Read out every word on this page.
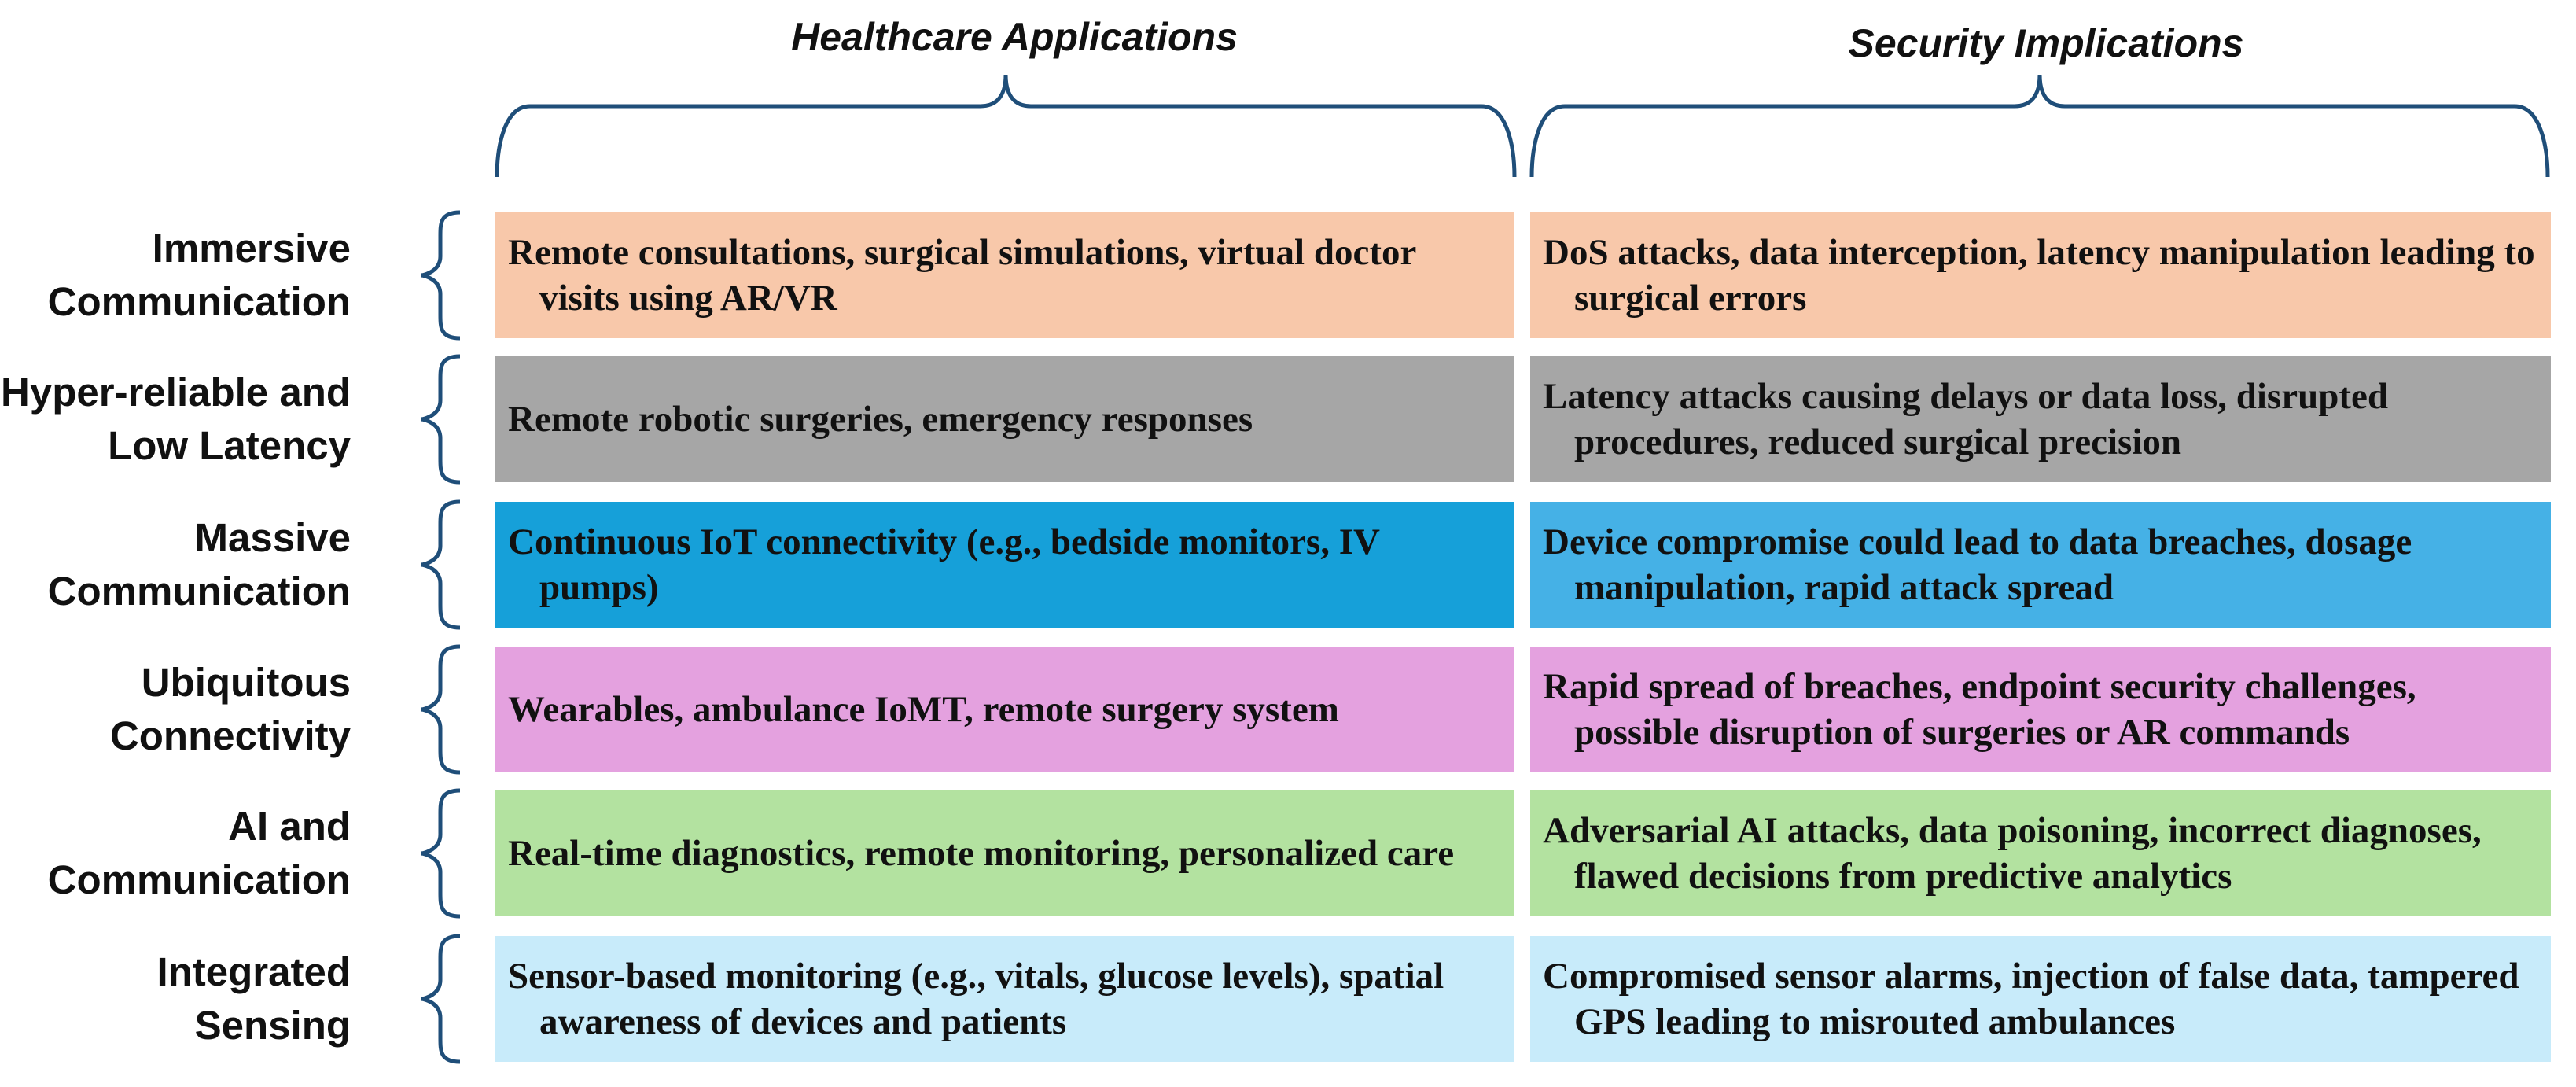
Healthcare Applications	Security Implications
Immersive Communication
Remote consultations, surgical simulations, virtual doctor visits using AR/VR
DoS attacks, data interception, latency manipulation leading to surgical errors
Hyper-reliable and Low Latency
Remote robotic surgeries, emergency responses
Latency attacks causing delays or data loss, disrupted procedures, reduced surgical precision
Massive Communication
Continuous IoT connectivity (e.g., bedside monitors, IV pumps)
Device compromise could lead to data breaches, dosage manipulation, rapid attack spread
Ubiquitous Connectivity
Wearables, ambulance IoMT, remote surgery system
Rapid spread of breaches, endpoint security challenges, possible disruption of surgeries or AR commands
AI and Communication
Real-time diagnostics, remote monitoring, personalized care
Adversarial AI attacks, data poisoning, incorrect diagnoses, flawed decisions from predictive analytics
Integrated Sensing
Sensor-based monitoring (e.g., vitals, glucose levels), spatial awareness of devices and patients
Compromised sensor alarms, injection of false data, tampered GPS leading to misrouted ambulances
